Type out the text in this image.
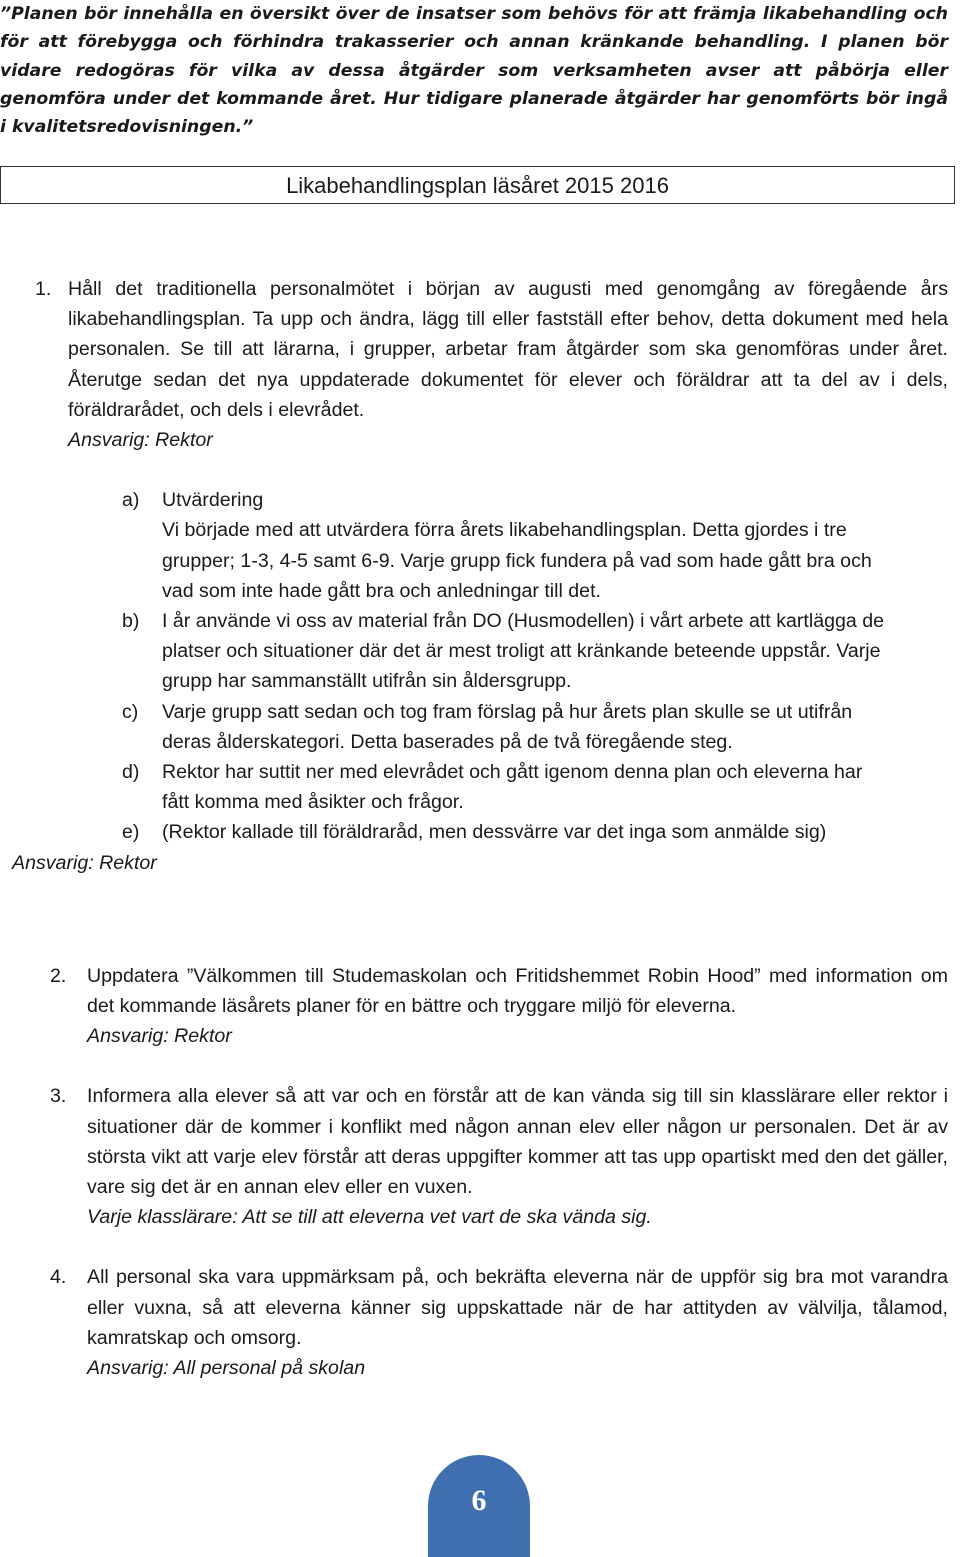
”Planen bör innehålla en översikt över de insatser som behövs för att främja likabehandling och för att förebygga och förhindra trakasserier och annan kränkande behandling. I planen bör vidare redogöras för vilka av dessa åtgärder som verksamheten avser att påbörja eller genomföra under det kommande året. Hur tidigare planerade åtgärder har genomförts bör ingå i kvalitetsredovisningen.”

Likabehandlingsplan läsåret 2015 2016
1. Håll det traditionella personalmötet i början av augusti med genomgång av föregående års likabehandlingsplan. Ta upp och ändra, lägg till eller fastställ efter behov, detta dokument med hela personalen. Se till att lärarna, i grupper, arbetar fram åtgärder som ska genomföras under året. Återutge sedan det nya uppdaterade dokumentet för elever och föräldrar att ta del av i dels, föräldrarådet, och dels i elevrådet.
Ansvarig: Rektor
a) Utvärdering
Vi började med att utvärdera förra årets likabehandlingsplan. Detta gjordes i tre grupper; 1-3, 4-5 samt 6-9. Varje grupp fick fundera på vad som hade gått bra och vad som inte hade gått bra och anledningar till det.
b) I år använde vi oss av material från DO (Husmodellen) i vårt arbete att kartlägga de platser och situationer där det är mest troligt att kränkande beteende uppstår. Varje grupp har sammanställt utifrån sin åldersgrupp.
c) Varje grupp satt sedan och tog fram förslag på hur årets plan skulle se ut utifrån deras ålderskategori. Detta baserades på de två föregående steg.
d) Rektor har suttit ner med elevrådet och gått igenom denna plan och eleverna har fått komma med åsikter och frågor.
e) (Rektor kallade till föräldraråd, men dessvärre var det inga som anmälde sig)
Ansvarig: Rektor
2. Uppdatera ”Välkommen till Studemaskolan och Fritidshemmet Robin Hood” med information om det kommande läsårets planer för en bättre och tryggare miljö för eleverna.
Ansvarig: Rektor
3. Informera alla elever så att var och en förstår att de kan vända sig till sin klasslärare eller rektor i situationer där de kommer i konflikt med någon annan elev eller någon ur personalen. Det är av största vikt att varje elev förstår att deras uppgifter kommer att tas upp opartiskt med den det gäller, vare sig det är en annan elev eller en vuxen.
Varje klasslärare: Att se till att eleverna vet vart de ska vända sig.
4. All personal ska vara uppmärksam på, och bekräfta eleverna när de uppför sig bra mot varandra eller vuxna, så att eleverna känner sig uppskattade när de har attityden av välvilja, tålamod, kamratskap och omsorg.
Ansvarig: All personal på skolan
6
